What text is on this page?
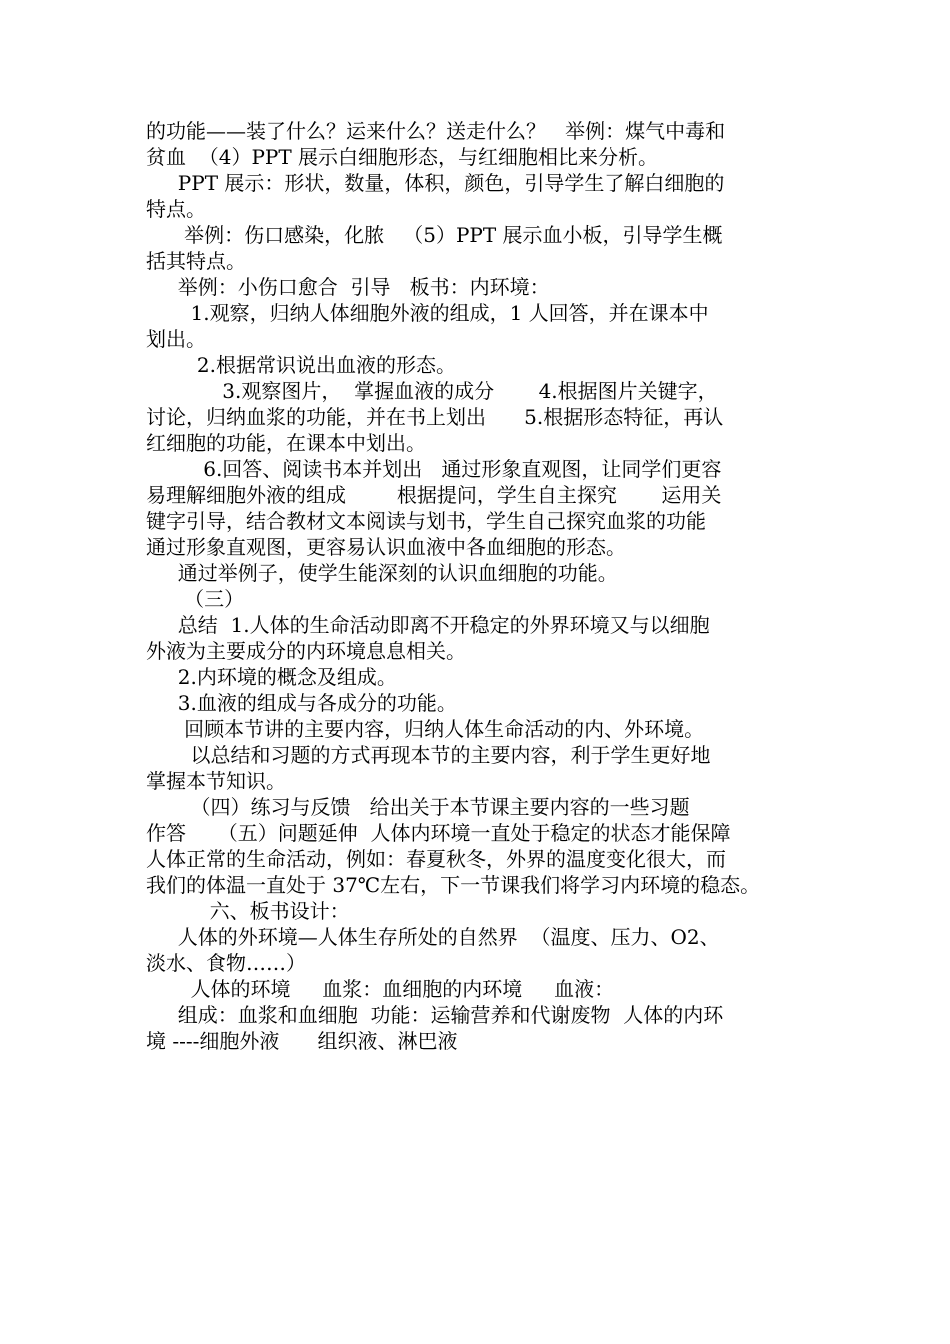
的功能——装了什么？运来什么？送走什么？   举例：煤气中毒和
贫血  （4）PPT 展示白细胞形态，与红细胞相比来分析。
PPT 展示：形状，数量，体积，颜色，引导学生了解白细胞的
特点。
举例：伤口感染，化脓   （5）PPT 展示血小板，引导学生概
括其特点。
举例：小伤口愈合  引导   板书：内环境：
1.观察，归纳人体细胞外液的组成，1 人回答，并在课本中
划出。
2.根据常识说出血液的形态。
3.观察图片，  掌握血液的成分       4.根据图片关键字，
讨论，归纳血浆的功能，并在书上划出      5.根据形态特征，再认
红细胞的功能，在课本中划出。
6.回答、阅读书本并划出   通过形象直观图，让同学们更容
易理解细胞外液的组成        根据提问，学生自主探究       运用关
键字引导，结合教材文本阅读与划书，学生自己探究血浆的功能
通过形象直观图，更容易认识血液中各血细胞的形态。
通过举例子，使学生能深刻的认识血细胞的功能。
（三）
总结  1.人体的生命活动即离不开稳定的外界环境又与以细胞
外液为主要成分的内环境息息相关。
2.内环境的概念及组成。
3.血液的组成与各成分的功能。
回顾本节讲的主要内容，归纳人体生命活动的内、外环境。
以总结和习题的方式再现本节的主要内容，利于学生更好地
掌握本节知识。
（四）练习与反馈   给出关于本节课主要内容的一些习题
作答     （五）问题延伸  人体内环境一直处于稳定的状态才能保障
人体正常的生命活动，例如：春夏秋冬，外界的温度变化很大，而
我们的体温一直处于 37℃左右，下一节课我们将学习内环境的稳态。
六、板书设计：
人体的外环境—人体生存所处的自然界  （温度、压力、O2、
淡水、食物……）
人体的环境     血浆：血细胞的内环境     血液：
组成：血浆和血细胞  功能：运输营养和代谢废物  人体的内环
境 ----细胞外液      组织液、淋巴液
